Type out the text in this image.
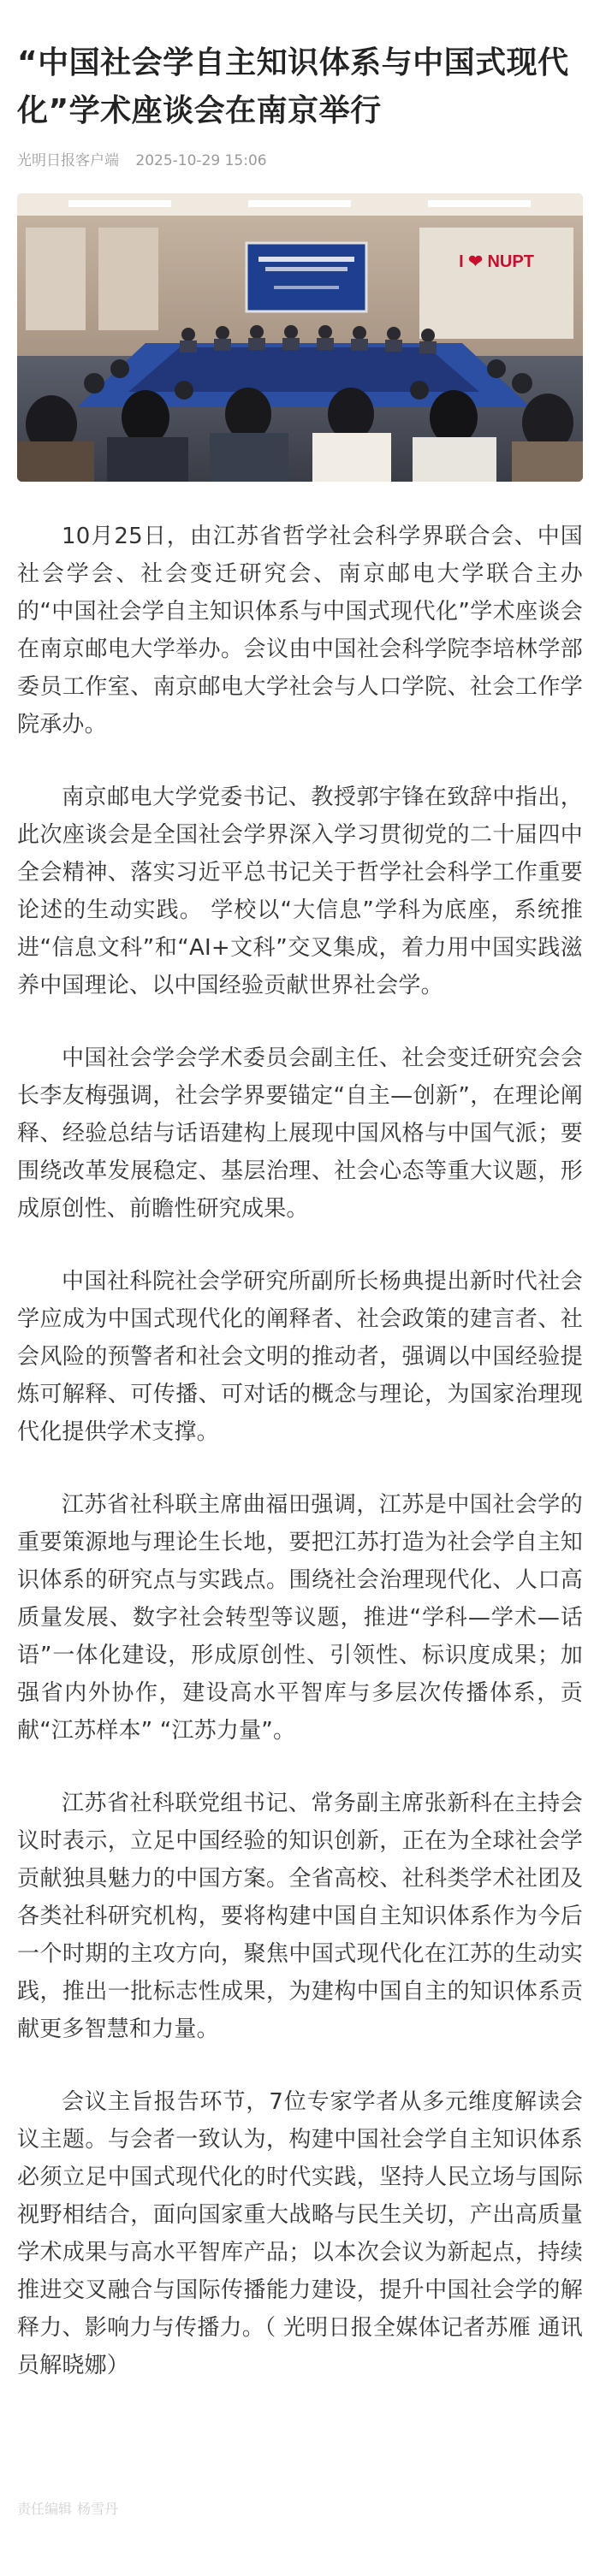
“中国社会学自主知识体系与中国式现代化”学术座谈会在南京举行
光明日报客户端 2025-10-29 15:06
I ❤ NUPT

10月25日，由江苏省哲学社会科学界联合会、中国社会学会、社会变迁研究会、南京邮电大学联合主办的“中国社会学自主知识体系与中国式现代化”学术座谈会在南京邮电大学举办。会议由中国社会科学院李培林学部委员工作室、南京邮电大学社会与人口学院、社会工作学院承办。

南京邮电大学党委书记、教授郭宇锋在致辞中指出，此次座谈会是全国社会学界深入学习贯彻党的二十届四中全会精神、落实习近平总书记关于哲学社会科学工作重要论述的生动实践。 学校以“大信息”学科为底座，系统推进“信息文科”和“AI+文科”交叉集成，着力用中国实践滋养中国理论、以中国经验贡献世界社会学。

中国社会学会学术委员会副主任、社会变迁研究会会长李友梅强调，社会学界要锚定“自主—创新”，在理论阐释、经验总结与话语建构上展现中国风格与中国气派；要围绕改革发展稳定、基层治理、社会心态等重大议题，形成原创性、前瞻性研究成果。

中国社科院社会学研究所副所长杨典提出新时代社会学应成为中国式现代化的阐释者、社会政策的建言者、社会风险的预警者和社会文明的推动者，强调以中国经验提炼可解释、可传播、可对话的概念与理论，为国家治理现代化提供学术支撑。

江苏省社科联主席曲福田强调，江苏是中国社会学的重要策源地与理论生长地，要把江苏打造为社会学自主知识体系的研究点与实践点。围绕社会治理现代化、人口高质量发展、数字社会转型等议题，推进“学科—学术—话语”一体化建设，形成原创性、引领性、标识度成果；加强省内外协作，建设高水平智库与多层次传播体系，贡献“江苏样本” “江苏力量”。

江苏省社科联党组书记、常务副主席张新科在主持会议时表示，立足中国经验的知识创新，正在为全球社会学贡献独具魅力的中国方案。全省高校、社科类学术社团及各类社科研究机构，要将构建中国自主知识体系作为今后一个时期的主攻方向，聚焦中国式现代化在江苏的生动实践，推出一批标志性成果，为建构中国自主的知识体系贡献更多智慧和力量。

会议主旨报告环节，7位专家学者从多元维度解读会议主题。与会者一致认为，构建中国社会学自主知识体系必须立足中国式现代化的时代实践，坚持人民立场与国际视野相结合，面向国家重大战略与民生关切，产出高质量学术成果与高水平智库产品；以本次会议为新起点，持续推进交叉融合与国际传播能力建设，提升中国社会学的解释力、影响力与传播力。（ 光明日报全媒体记者苏雁 通讯员解晓娜）

责任编辑 杨雪丹
